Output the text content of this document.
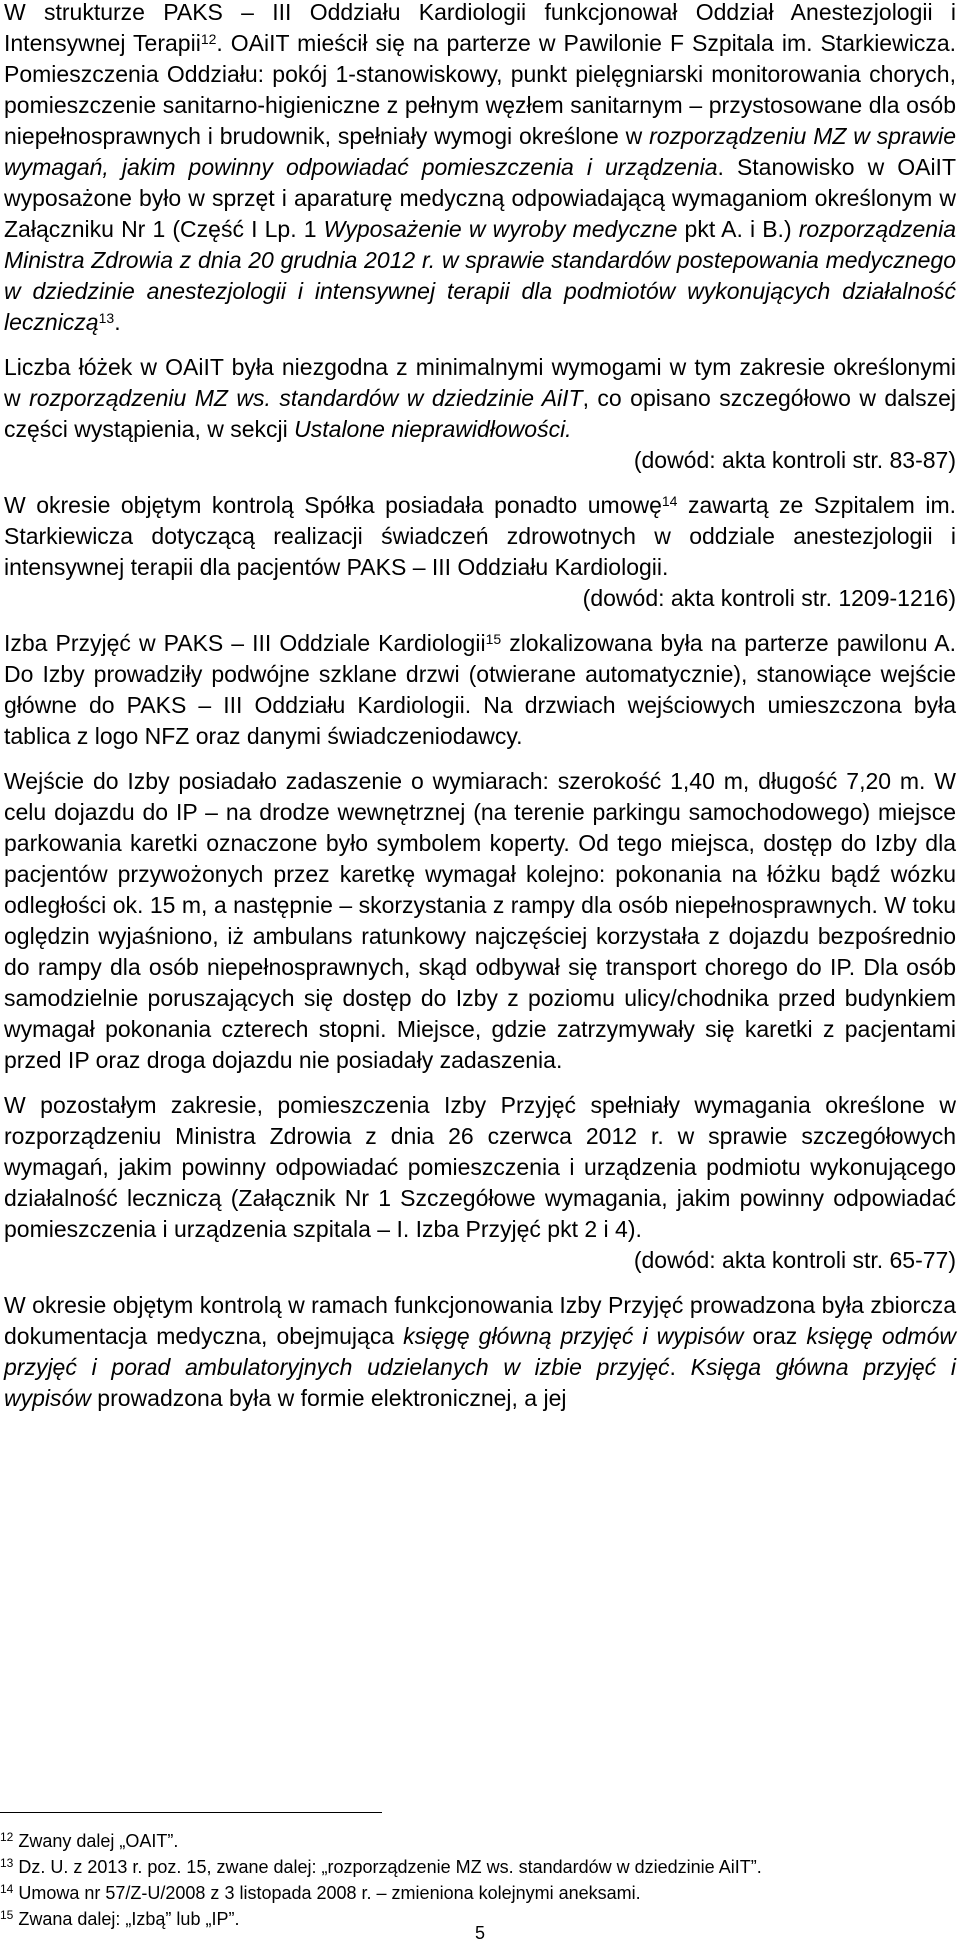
W strukturze PAKS – III Oddziału Kardiologii funkcjonował Oddział Anestezjologii i Intensywnej Terapii$^{12}$. OAiIT mieścił się na parterze w Pawilonie F Szpitala im. Starkiewicza. Pomieszczenia Oddziału: pokój 1-stanowiskowy, punkt pielęgniarski monitorowania chorych, pomieszczenie sanitarno-higieniczne z pełnym węzłem sanitarnym – przystosowane dla osób niepełnosprawnych i brudownik, spełniały wymogi określone w rozporządzeniu MZ w sprawie wymagań, jakim powinny odpowiadać pomieszczenia i urządzenia. Stanowisko w OAiIT wyposażone było w sprzęt i aparaturę medyczną odpowiadającą wymaganiom określonym w Załączniku Nr 1 (Część I Lp. 1 Wyposażenie w wyroby medyczne pkt A. i B.) rozporządzenia Ministra Zdrowia z dnia 20 grudnia 2012 r. w sprawie standardów postepowania medycznego w dziedzinie anestezjologii i intensywnej terapii dla podmiotów wykonujących działalność leczniczą$^{13}$.

Liczba łóżek w OAiIT była niezgodna z minimalnymi wymogami w tym zakresie określonymi w rozporządzeniu MZ ws. standardów w dziedzinie AiIT, co opisano szczegółowo w dalszej części wystąpienia, w sekcji Ustalone nieprawidłowości.

(dowód: akta kontroli str. 83-87)

W okresie objętym kontrolą Spółka posiadała ponadto umowę$^{14}$ zawartą ze Szpitalem im. Starkiewicza dotyczącą realizacji świadczeń zdrowotnych w oddziale anestezjologii i intensywnej terapii dla pacjentów PAKS – III Oddziału Kardiologii.

(dowód: akta kontroli str. 1209-1216)

Izba Przyjęć w PAKS – III Oddziale Kardiologii$^{15}$ zlokalizowana była na parterze pawilonu A. Do Izby prowadziły podwójne szklane drzwi (otwierane automatycznie), stanowiące wejście główne do PAKS – III Oddziału Kardiologii. Na drzwiach wejściowych umieszczona była tablica z logo NFZ oraz danymi świadczeniodawcy.

Wejście do Izby posiadało zadaszenie o wymiarach: szerokość 1,40 m, długość 7,20 m. W celu dojazdu do IP – na drodze wewnętrznej (na terenie parkingu samochodowego) miejsce parkowania karetki oznaczone było symbolem koperty. Od tego miejsca, dostęp do Izby dla pacjentów przywożonych przez karetkę wymagał kolejno: pokonania na łóżku bądź wózku odległości ok. 15 m, a następnie – skorzystania z rampy dla osób niepełnosprawnych. W toku oględzin wyjaśniono, iż ambulans ratunkowy najczęściej korzystała z dojazdu bezpośrednio do rampy dla osób niepełnosprawnych, skąd odbywał się transport chorego do IP. Dla osób samodzielnie poruszających się dostęp do Izby z poziomu ulicy/chodnika przed budynkiem wymagał pokonania czterech stopni. Miejsce, gdzie zatrzymywały się karetki z pacjentami przed IP oraz droga dojazdu nie posiadały zadaszenia.

W pozostałym zakresie, pomieszczenia Izby Przyjęć spełniały wymagania określone w rozporządzeniu Ministra Zdrowia z dnia 26 czerwca 2012 r. w sprawie szczegółowych wymagań, jakim powinny odpowiadać pomieszczenia i urządzenia podmiotu wykonującego działalność leczniczą (Załącznik Nr 1 Szczegółowe wymagania, jakim powinny odpowiadać pomieszczenia i urządzenia szpitala – I. Izba Przyjęć pkt 2 i 4).

(dowód: akta kontroli str. 65-77)

W okresie objętym kontrolą w ramach funkcjonowania Izby Przyjęć prowadzona była zbiorcza dokumentacja medyczna, obejmująca księgę główną przyjęć i wypisów oraz księgę odmów przyjęć i porad ambulatoryjnych udzielanych w izbie przyjęć. Księga główna przyjęć i wypisów prowadzona była w formie elektronicznej, a jej

$^{12}$ Zwany dalej „OAIT”.
$^{13}$ Dz. U. z 2013 r. poz. 15, zwane dalej: „rozporządzenie MZ ws. standardów w dziedzinie AiIT”.
$^{14}$ Umowa nr 57/Z-U/2008 z 3 listopada 2008 r. – zmieniona kolejnymi aneksami.
$^{15}$ Zwana dalej: „Izbą” lub „IP”.
5
